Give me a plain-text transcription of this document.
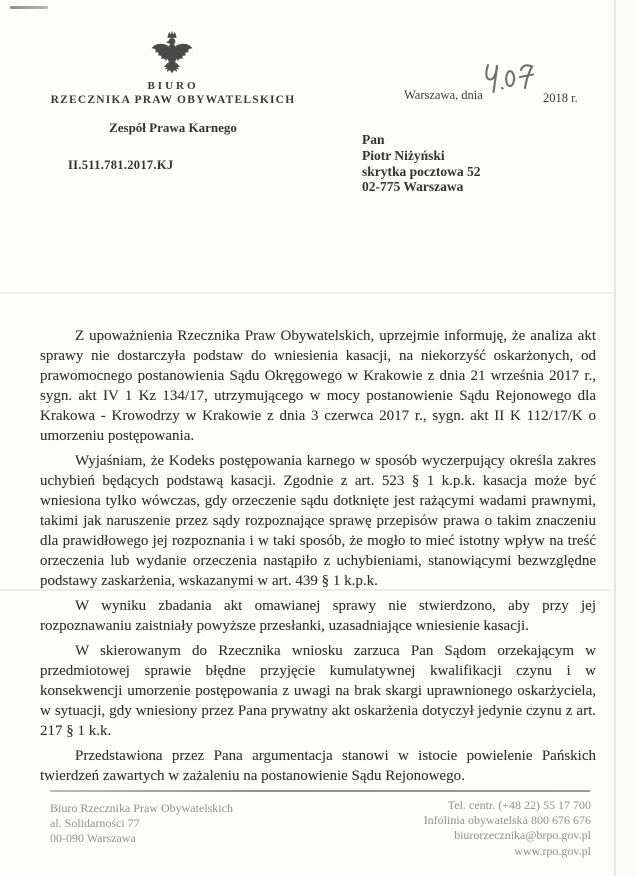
BIURO
RZECZNIKA PRAW OBYWATELSKICH
Zespół Prawa Karnego
Warszawa, dnia	2018 r.
II.511.781.2017.KJ
Pan
Piotr Niżyński
skrytka pocztowa 52
02-775 Warszawa

Z upoważnienia Rzecznika Praw Obywatelskich, uprzejmie informuję, że analiza akt sprawy nie dostarczyła podstaw do wniesienia kasacji, na niekorzyść oskarżonych, od prawomocnego postanowienia Sądu Okręgowego w Krakowie z dnia 21 września 2017 r., sygn. akt IV 1 Kz 134/17, utrzymującego w mocy postanowienie Sądu Rejonowego dla Krakowa - Krowodrzy w Krakowie z dnia 3 czerwca 2017 r., sygn. akt II K 112/17/K o umorzeniu postępowania.

Wyjaśniam, że Kodeks postępowania karnego w sposób wyczerpujący określa zakres uchybień będących podstawą kasacji. Zgodnie z art. 523 § 1 k.p.k. kasacja może być wniesiona tylko wówczas, gdy orzeczenie sądu dotknięte jest rażącymi wadami prawnymi, takimi jak naruszenie przez sądy rozpoznające sprawę przepisów prawa o takim znaczeniu dla prawidłowego jej rozpoznania i w taki sposób, że mogło to mieć istotny wpływ na treść orzeczenia lub wydanie orzeczenia nastąpiło z uchybieniami, stanowiącymi bezwzględne podstawy zaskarżenia, wskazanymi w art. 439 § 1 k.p.k.

W wyniku zbadania akt omawianej sprawy nie stwierdzono, aby przy jej rozpoznawaniu zaistniały powyższe przesłanki, uzasadniające wniesienie kasacji.

W skierowanym do Rzecznika wniosku zarzuca Pan Sądom orzekającym w przedmiotowej sprawie błędne przyjęcie kumulatywnej kwalifikacji czynu i w konsekwencji umorzenie postępowania z uwagi na brak skargi uprawnionego oskarżyciela, w sytuacji, gdy wniesiony przez Pana prywatny akt oskarżenia dotyczył jedynie czynu z art. 217 § 1 k.k.

Przedstawiona przez Pana argumentacja stanowi w istocie powielenie Pańskich twierdzeń zawartych w zażaleniu na postanowienie Sądu Rejonowego.

Biuro Rzecznika Praw Obywatelskich
al. Solidarności 77
00-090 Warszawa
Tel. centr. (+48 22) 55 17 700
Infolinia obywatelska 800 676 676
biurorzecznika@brpo.gov.pl
www.rpo.gov.pl
